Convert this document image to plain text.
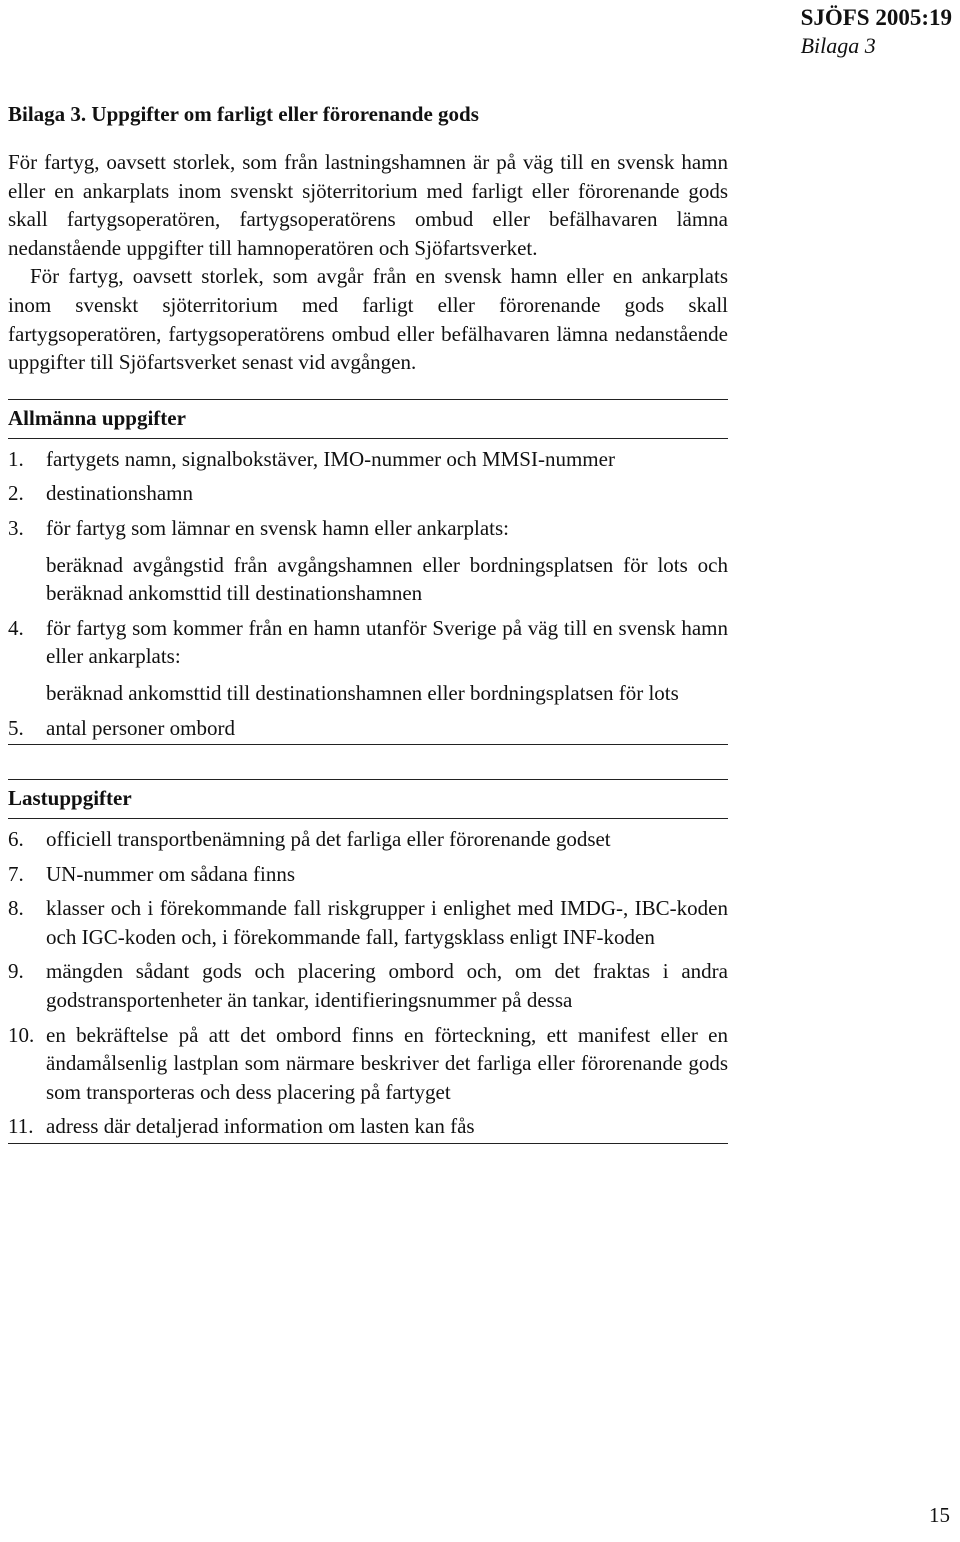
SJÖFS 2005:19
Bilaga 3
Bilaga 3. Uppgifter om farligt eller förorenande gods

För fartyg, oavsett storlek, som från lastningshamnen är på väg till en svensk hamn eller en ankarplats inom svenskt sjöterritorium med farligt eller förorenande gods skall fartygsoperatören, fartygsoperatörens ombud eller befälhavaren lämna nedanstående uppgifter till hamnoperatören och Sjöfartsverket.

För fartyg, oavsett storlek, som avgår från en svensk hamn eller en ankarplats inom svenskt sjöterritorium med farligt eller förorenande gods skall fartygsoperatören, fartygsoperatörens ombud eller befälhavaren lämna nedanstående uppgifter till Sjöfartsverket senast vid avgången.

Allmänna uppgifter
1.	fartygets namn, signalbokstäver, IMO-nummer och MMSI-nummer
2.	destinationshamn
3.	för fartyg som lämnar en svensk hamn eller ankarplats:
beräknad avgångstid från avgångshamnen eller bordningsplatsen för lots och beräknad ankomsttid till destinationshamnen
4.	för fartyg som kommer från en hamn utanför Sverige på väg till en svensk hamn eller ankarplats:
beräknad ankomsttid till destinationshamnen eller bordningsplatsen för lots
5.	antal personer ombord
Lastuppgifter
6.	officiell transportbenämning på det farliga eller förorenande godset
7.	UN-nummer om sådana finns
8.	klasser och i förekommande fall riskgrupper i enlighet med IMDG-, IBC-koden och IGC-koden och, i förekommande fall, fartygsklass enligt INF-koden
9.	mängden sådant gods och placering ombord och, om det fraktas i andra godstransportenheter än tankar, identifieringsnummer på dessa
10. en bekräftelse på att det ombord finns en förteckning, ett manifest eller en ändamålsenlig lastplan som närmare beskriver det farliga eller förorenande gods som transporteras och dess placering på fartyget
11. adress där detaljerad information om lasten kan fås
15
